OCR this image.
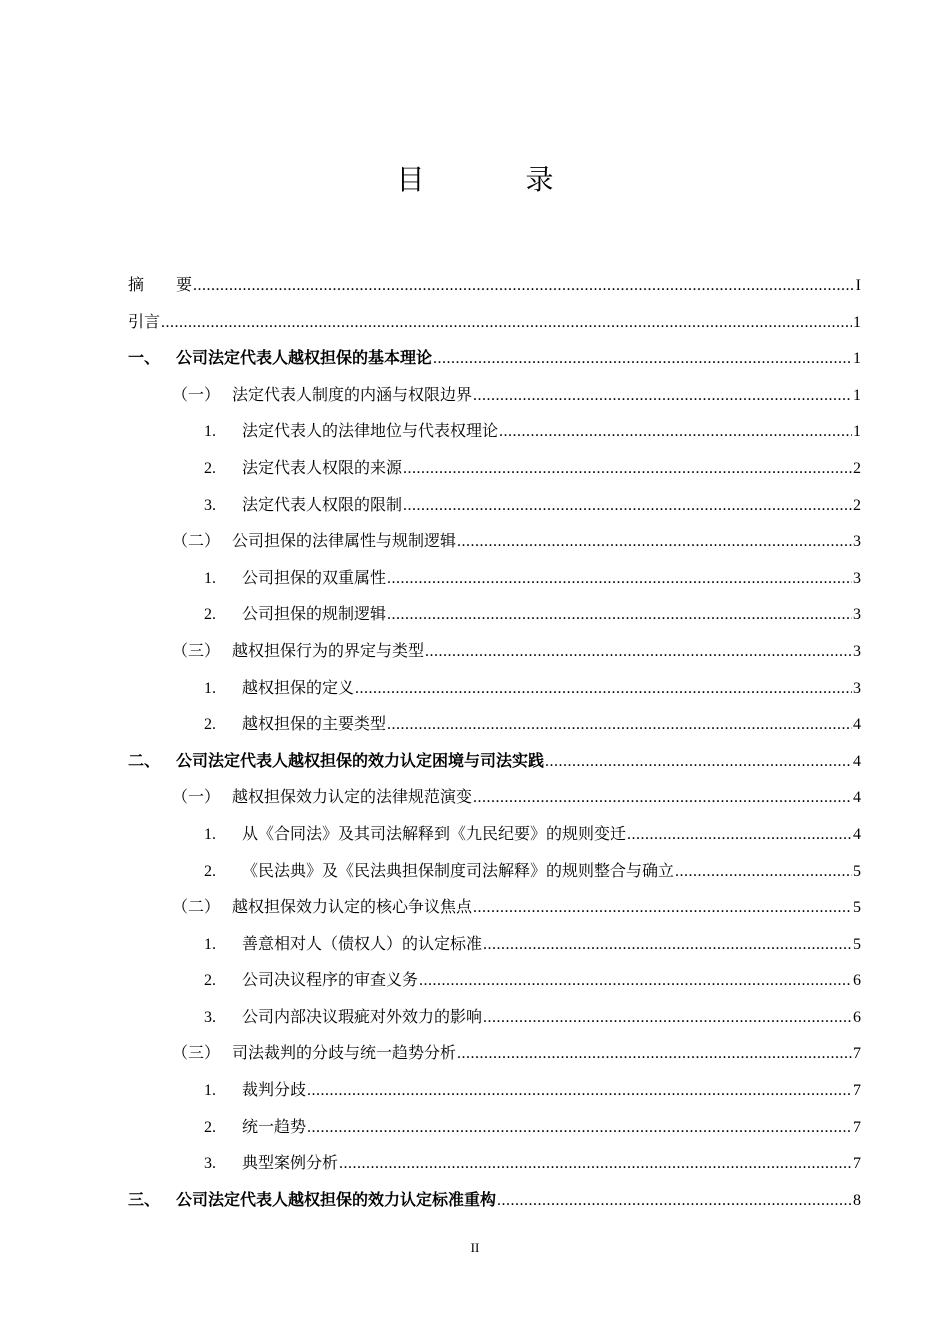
目 录
摘　　要 .....	I
引言 .....	1
一、 公司法定代表人越权担保的基本理论 .....	1
（一） 法定代表人制度的内涵与权限边界 .....	1
1.	法定代表人的法律地位与代表权理论 .....	1
2.	法定代表人权限的来源 .....	2
3.	法定代表人权限的限制 .....	2
（二） 公司担保的法律属性与规制逻辑 .....	3
1.	公司担保的双重属性 .....	3
2.	公司担保的规制逻辑 .....	3
（三） 越权担保行为的界定与类型 .....	3
1.	越权担保的定义 .....	3
2.	越权担保的主要类型 .....	4
二、 公司法定代表人越权担保的效力认定困境与司法实践 .....	4
（一） 越权担保效力认定的法律规范演变 .....	4
1.	从《合同法》及其司法解释到《九民纪要》的规则变迁 .....	4
2.	《民法典》及《民法典担保制度司法解释》的规则整合与确立 .....	5
（二） 越权担保效力认定的核心争议焦点 .....	5
1.	善意相对人（债权人）的认定标准 .....	5
2.	公司决议程序的审查义务 .....	6
3.	公司内部决议瑕疵对外效力的影响 .....	6
（三） 司法裁判的分歧与统一趋势分析 .....	7
1.	裁判分歧 .....	7
2.	统一趋势 .....	7
3.	典型案例分析 .....	7
三、 公司法定代表人越权担保的效力认定标准重构 .....	8
II
